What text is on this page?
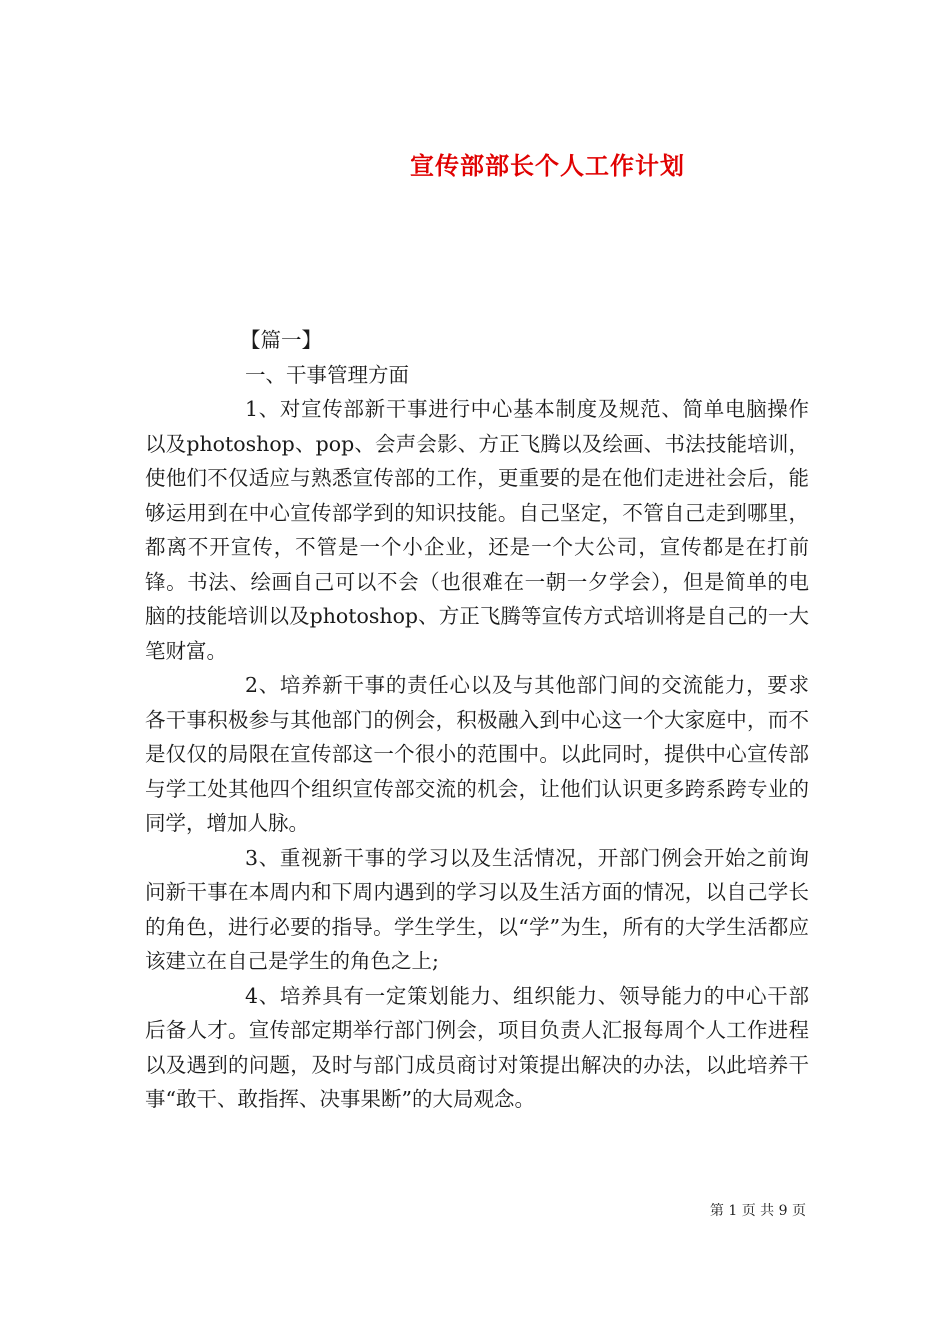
宣传部部长个人工作计划

【篇一】

一、干事管理方面

1、对宣传部新干事进行中心基本制度及规范、简单电脑操作以及photoshop、pop、会声会影、方正飞腾以及绘画、书法技能培训，使他们不仅适应与熟悉宣传部的工作，更重要的是在他们走进社会后，能够运用到在中心宣传部学到的知识技能。自己坚定，不管自己走到哪里，都离不开宣传，不管是一个小企业，还是一个大公司，宣传都是在打前锋。书法、绘画自己可以不会（也很难在一朝一夕学会），但是简单的电脑的技能培训以及photoshop、方正飞腾等宣传方式培训将是自己的一大笔财富。

2、培养新干事的责任心以及与其他部门间的交流能力，要求各干事积极参与其他部门的例会，积极融入到中心这一个大家庭中，而不是仅仅的局限在宣传部这一个很小的范围中。以此同时，提供中心宣传部与学工处其他四个组织宣传部交流的机会，让他们认识更多跨系跨专业的同学，增加人脉。

3、重视新干事的学习以及生活情况，开部门例会开始之前询问新干事在本周内和下周内遇到的学习以及生活方面的情况，以自己学长的角色，进行必要的指导。学生学生，以“学”为生，所有的大学生活都应该建立在自己是学生的角色之上;

4、培养具有一定策划能力、组织能力、领导能力的中心干部后备人才。宣传部定期举行部门例会，项目负责人汇报每周个人工作进程以及遇到的问题，及时与部门成员商讨对策提出解决的办法，以此培养干事“敢干、敢指挥、决事果断”的大局观念。

第 1 页 共 9 页
